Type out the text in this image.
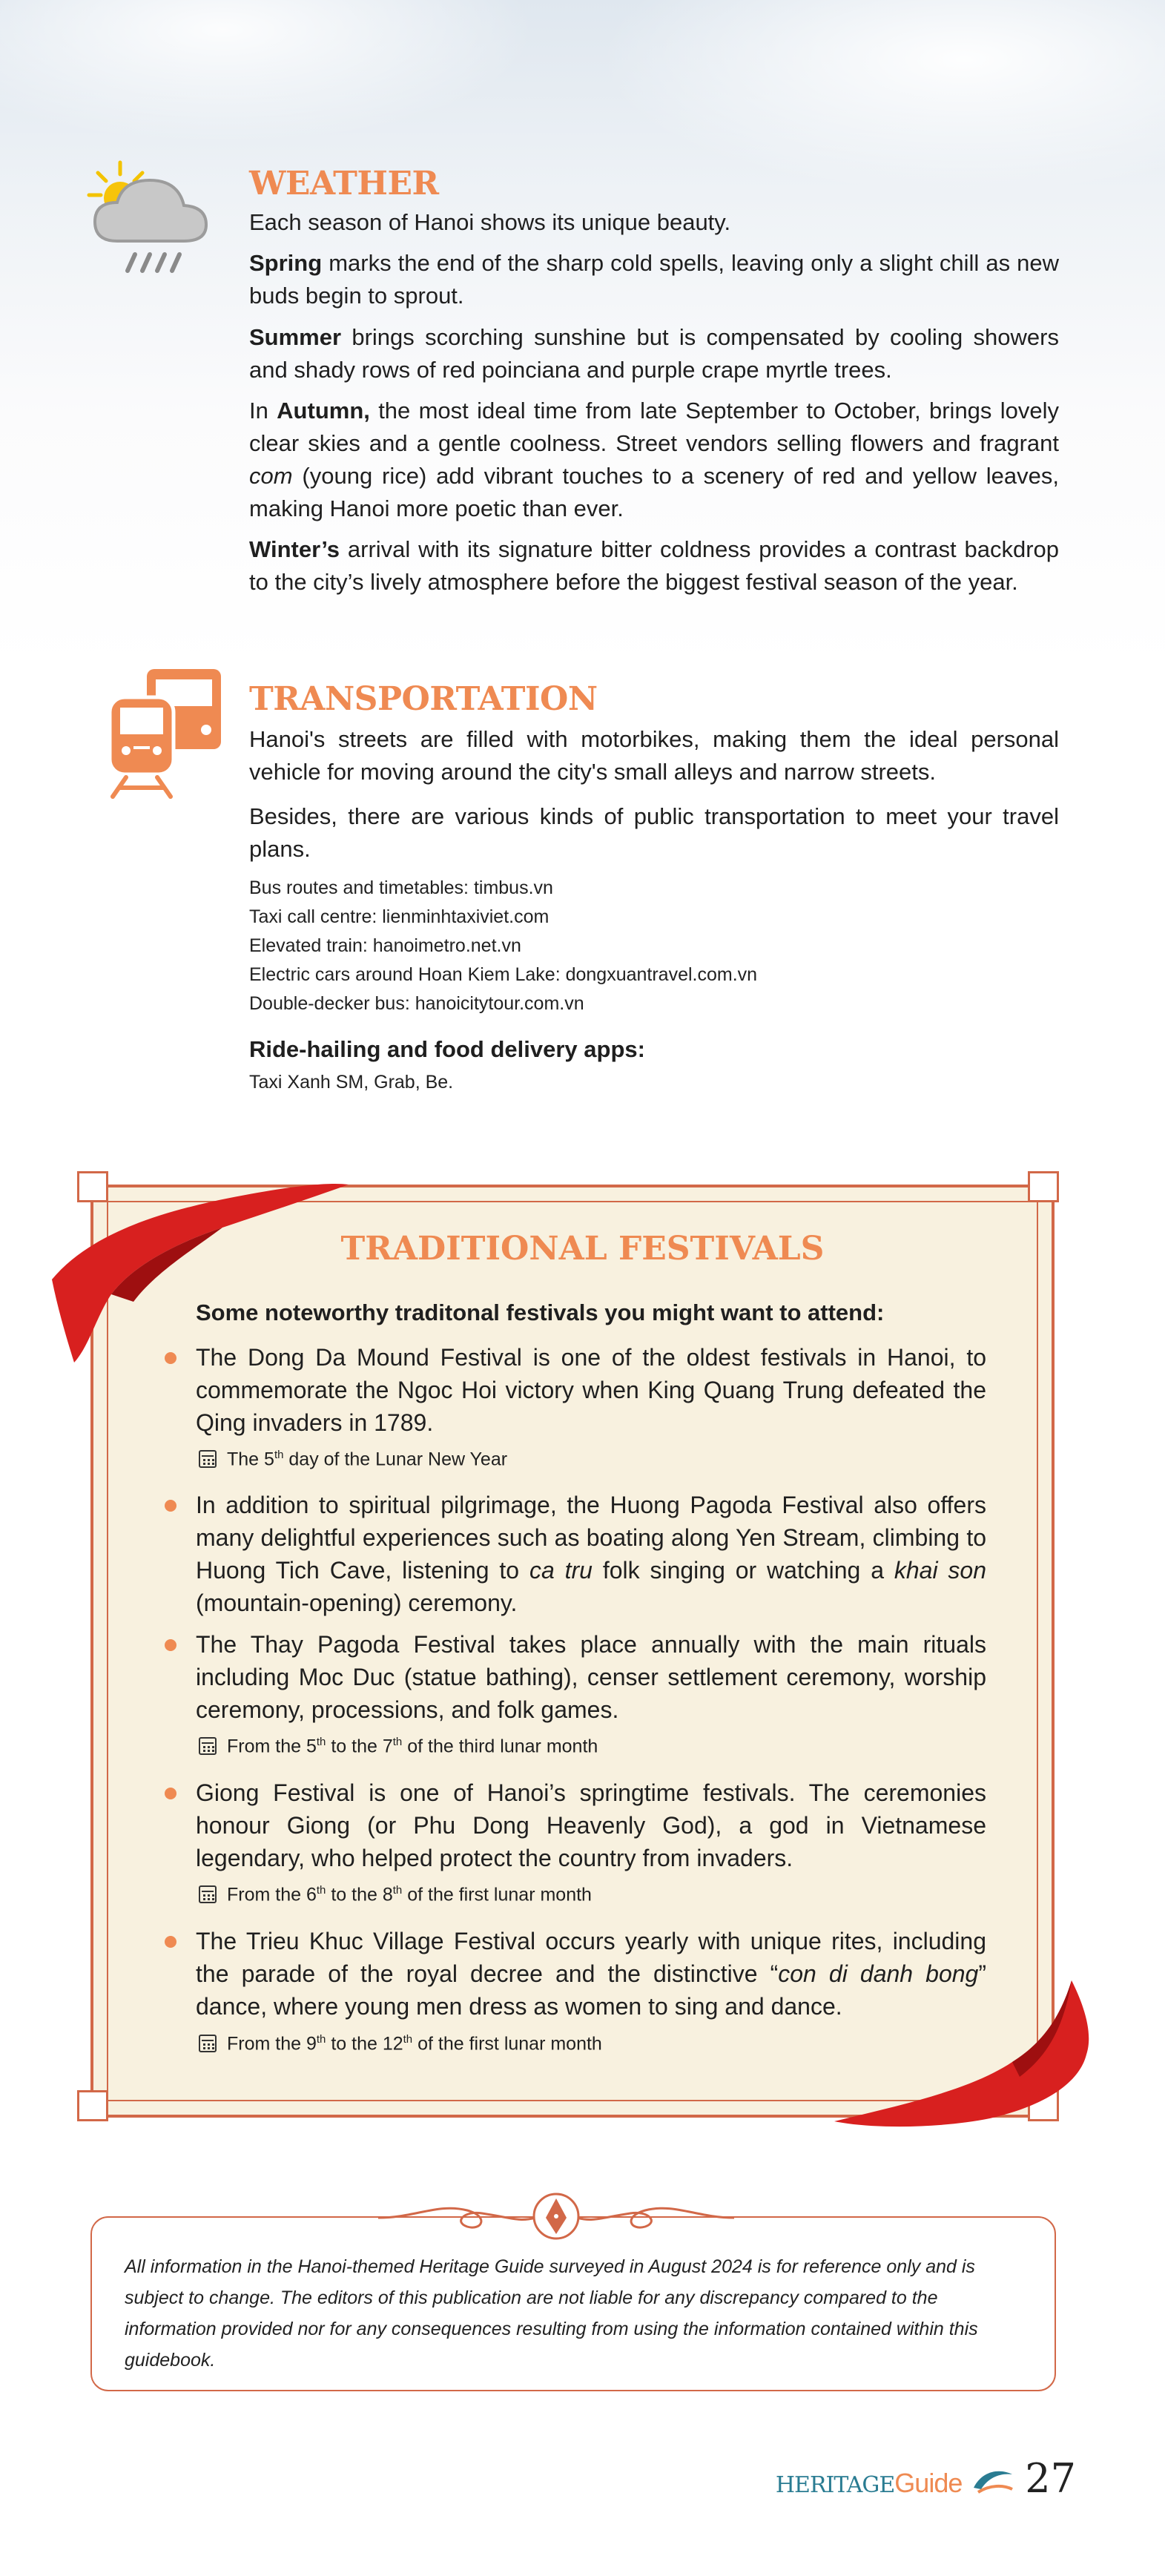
WEATHER

Each season of Hanoi shows its unique beauty.

Spring marks the end of the sharp cold spells, leaving only a slight chill as new buds begin to sprout.

Summer brings scorching sunshine but is compensated by cooling showers and shady rows of red poinciana and purple crape myrtle trees.

In Autumn, the most ideal time from late September to October, brings lovely clear skies and a gentle coolness. Street vendors selling flowers and fragrant com (young rice) add vibrant touches to a scenery of red and yellow leaves, making Hanoi more poetic than ever.

Winter’s arrival with its signature bitter coldness provides a contrast backdrop to the city’s lively atmosphere before the biggest festival season of the year.

TRANSPORTATION

Hanoi's streets are filled with motorbikes, making them the ideal personal vehicle for moving around the city's small alleys and narrow streets.

Besides, there are various kinds of public transportation to meet your travel plans.

Bus routes and timetables: timbus.vn

Taxi call centre: lienminhtaxiviet.com

Elevated train: hanoimetro.net.vn

Electric cars around Hoan Kiem Lake: dongxuantravel.com.vn

Double-decker bus: hanoicitytour.com.vn

Ride-hailing and food delivery apps:

Taxi Xanh SM, Grab, Be.

TRADITIONAL FESTIVALS

Some noteworthy traditonal festivals you might want to attend:

The Dong Da Mound Festival is one of the oldest festivals in Hanoi, to commemorate the Ngoc Hoi victory when King Quang Trung defeated the Qing invaders in 1789.

The 5th day of the Lunar New Year

In addition to spiritual pilgrimage, the Huong Pagoda Festival also offers many delightful experiences such as boating along Yen Stream, climbing to Huong Tich Cave, listening to ca tru folk singing or watching a khai son (mountain-opening) ceremony.
The Thay Pagoda Festival takes place annually with the main rituals including Moc Duc (statue bathing), censer settlement ceremony, worship ceremony, processions, and folk games.

From the 5th to the 7th of the third lunar month

Giong Festival is one of Hanoi’s springtime festivals. The ceremonies honour Giong (or Phu Dong Heavenly God), a god in Vietnamese legendary, who helped protect the country from invaders.

From the 6th to the 8th of the first lunar month

The Trieu Khuc Village Festival occurs yearly with unique rites, including the parade of the royal decree and the distinctive “con di danh bong” dance, where young men dress as women to sing and dance.

From the 9th to the 12th of the first lunar month

All information in the Hanoi-themed Heritage Guide surveyed in August 2024 is for reference only and is subject to change. The editors of this publication are not liable for any discrepancy compared to the information provided nor for any consequences resulting from using the information contained within this guidebook.

HERITAGEGuide 27
